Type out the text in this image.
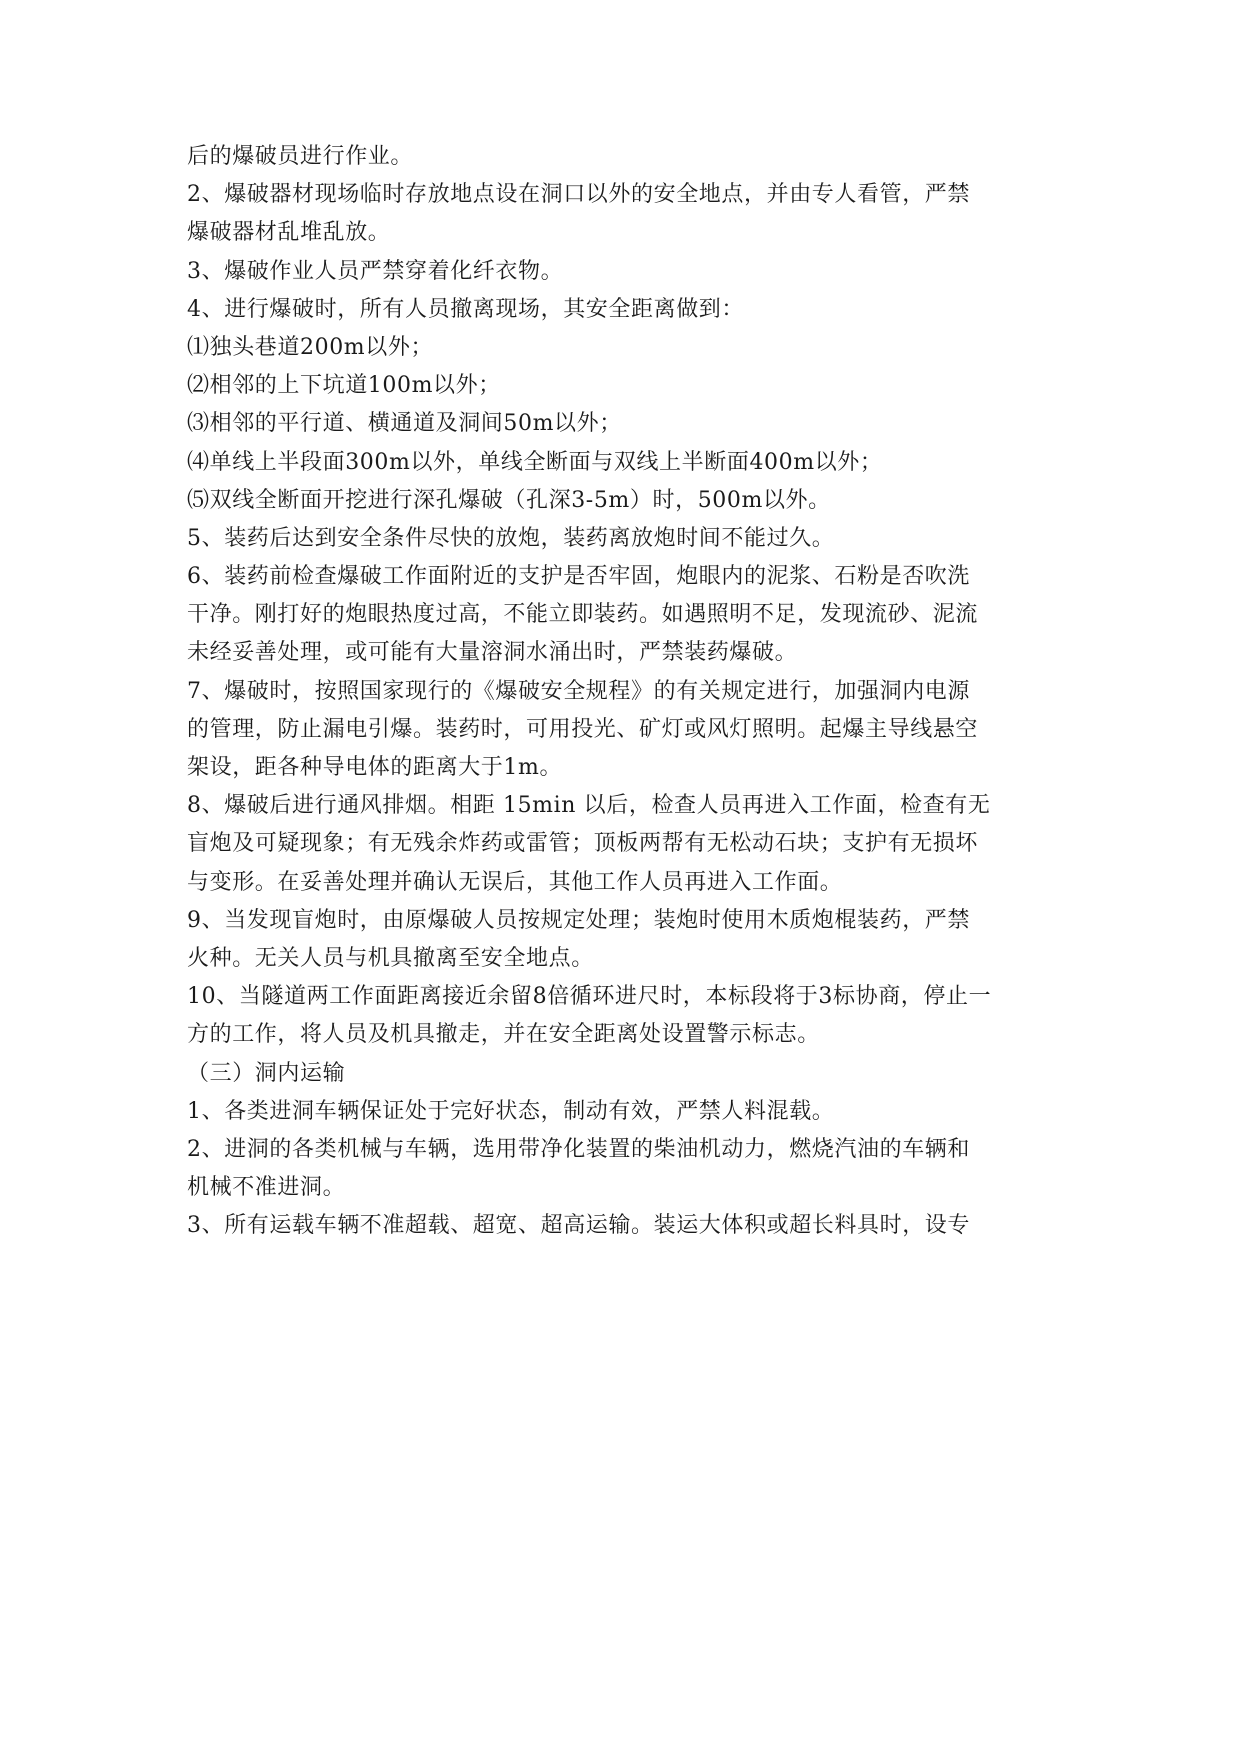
后的爆破员进行作业。
2、爆破器材现场临时存放地点设在洞口以外的安全地点，并由专人看管，严禁
爆破器材乱堆乱放。
3、爆破作业人员严禁穿着化纤衣物。
4、进行爆破时，所有人员撤离现场，其安全距离做到：
⑴独头巷道200m以外；
⑵相邻的上下坑道100m以外；
⑶相邻的平行道、横通道及洞间50m以外；
⑷单线上半段面300m以外，单线全断面与双线上半断面400m以外；
⑸双线全断面开挖进行深孔爆破（孔深3-5m）时，500m以外。
5、装药后达到安全条件尽快的放炮，装药离放炮时间不能过久。
6、装药前检查爆破工作面附近的支护是否牢固，炮眼内的泥浆、石粉是否吹洗
干净。刚打好的炮眼热度过高，不能立即装药。如遇照明不足，发现流砂、泥流
未经妥善处理，或可能有大量溶洞水涌出时，严禁装药爆破。
7、爆破时，按照国家现行的《爆破安全规程》的有关规定进行，加强洞内电源
的管理，防止漏电引爆。装药时，可用投光、矿灯或风灯照明。起爆主导线悬空
架设，距各种导电体的距离大于1m。
8、爆破后进行通风排烟。相距 15min 以后，检查人员再进入工作面，检查有无
盲炮及可疑现象；有无残余炸药或雷管；顶板两帮有无松动石块；支护有无损坏
与变形。在妥善处理并确认无误后，其他工作人员再进入工作面。
9、当发现盲炮时，由原爆破人员按规定处理；装炮时使用木质炮棍装药，严禁
火种。无关人员与机具撤离至安全地点。
10、当隧道两工作面距离接近余留8倍循环进尺时，本标段将于3标协商，停止一
方的工作，将人员及机具撤走，并在安全距离处设置警示标志。
（三）洞内运输
1、各类进洞车辆保证处于完好状态，制动有效，严禁人料混载。
2、进洞的各类机械与车辆，选用带净化装置的柴油机动力，燃烧汽油的车辆和
机械不准进洞。
3、所有运载车辆不准超载、超宽、超高运输。装运大体积或超长料具时，设专
